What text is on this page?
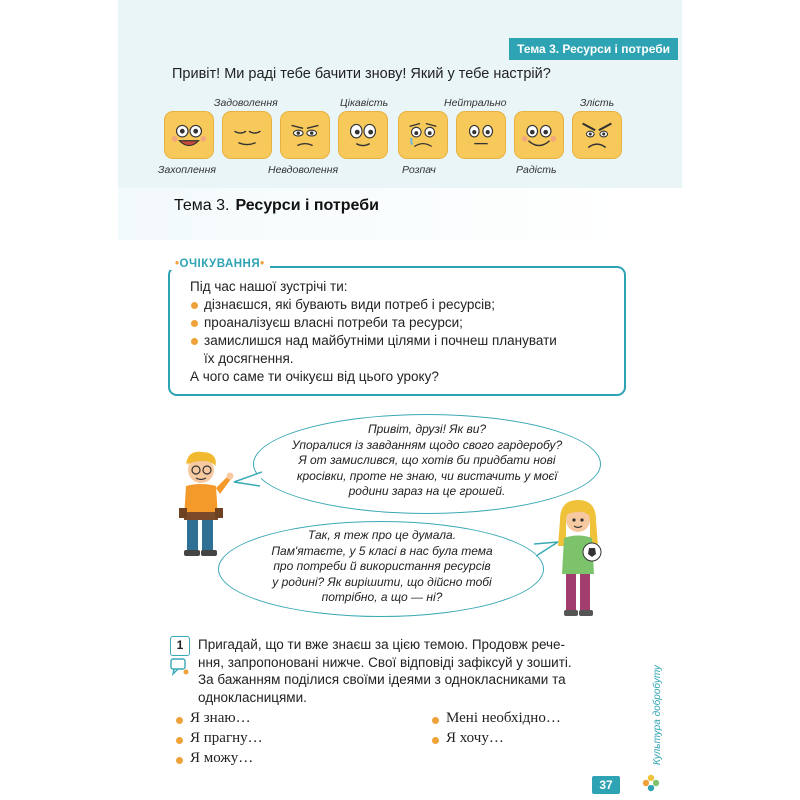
Тема 3. Ресурси і потреби
Привіт! Ми раді тебе бачити знову! Який у тебе настрій?
Захоплення
Задоволення
Невдоволення
Цікавість
Розпач
Нейтрально
Радість
Злість
Тема 3. Ресурси і потреби
•ОЧІКУВАННЯ•
Під час нашої зустрічі ти:
дізнаєшся, які бувають види потреб і ресурсів;
проаналізуєш власні потреби та ресурси;
замислишся над майбутніми цілями і почнеш планувати
їх досягнення.
А чого саме ти очікуєш від цього уроку?
Привіт, друзі! Як ви?
Упоралися із завданням щодо свого гардеробу?
Я от замислився, що хотів би придбати нові
кросівки, проте не знаю, чи вистачить у моєї
родини зараз на це грошей.
Так, я теж про це думала.
Пам'ятаєте, у 5 класі в нас була тема
про потреби й використання ресурсів
у родині? Як вирішити, що дійсно тобі
потрібно, а що — ні?
1	Пригадай, що ти вже знаєш за цією темою. Продовж рече-
ння, запропоновані нижче. Свої відповіді зафіксуй у зошиті.
За бажанням поділися своїми ідеями з однокласниками та
однокласницями.
Я знаю…
Я прагну…
Я можу…
Мені необхідно…
Я хочу…	Культура добробуту
37
